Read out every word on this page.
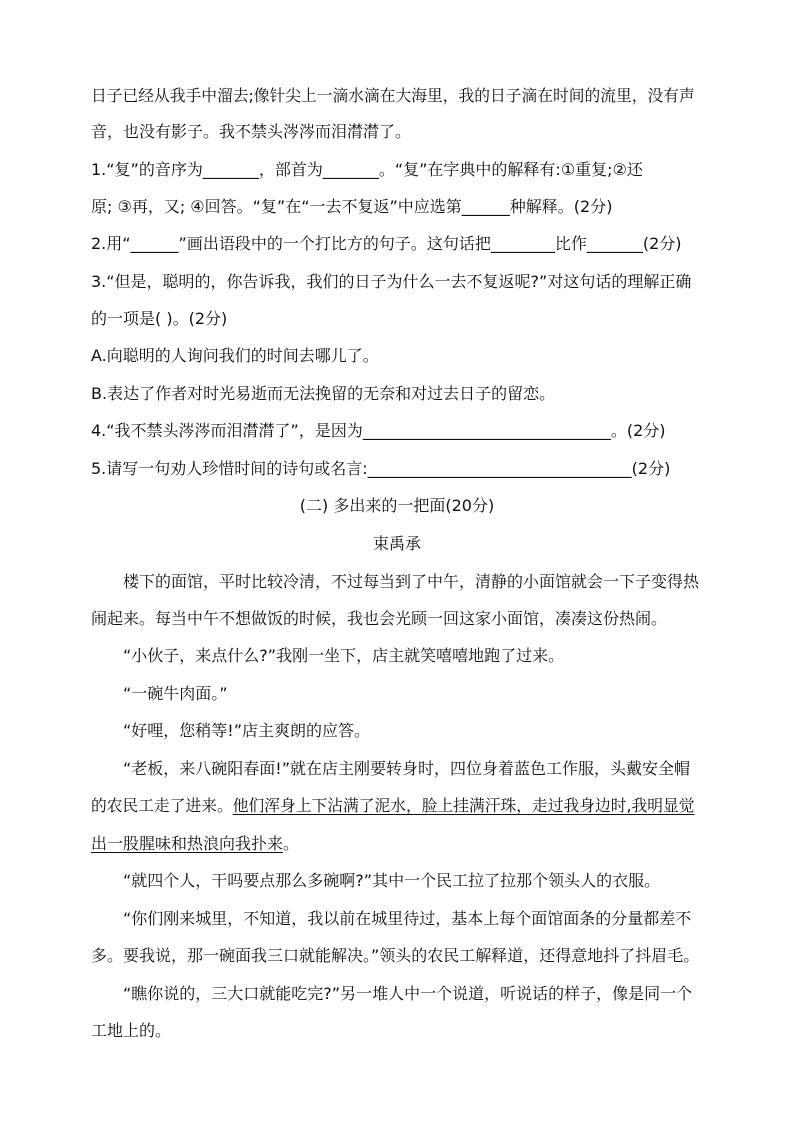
日子已经从我手中溜去;像针尖上一滴水滴在大海里，我的日子滴在时间的流里，没有声
音，也没有影子。我不禁头涔涔而泪潸潸了。
1.“复”的音序为_______，部首为_______。“复”在字典中的解释有:①重复;②还
原; ③再，又; ④回答。“复”在“一去不复返”中应选第______种解释。(2分)
2.用“______”画出语段中的一个打比方的句子。这句话把________比作_______(2分)
3.“但是，聪明的，你告诉我，我们的日子为什么一去不复返呢?”对这句话的理解正确
的一项是( )。(2分)
A.向聪明的人询问我们的时间去哪儿了。
B.表达了作者对时光易逝而无法挽留的无奈和对过去日子的留恋。
4.“我不禁头涔涔而泪潸潸了”，是因为_______________________________。(2分)
5.请写一句劝人珍惜时间的诗句或名言:_________________________________(2分)
(二) 多出来的一把面(20分)
束禹承
楼下的面馆，平时比较冷清，不过每当到了中午，清静的小面馆就会一下子变得热
闹起来。每当中午不想做饭的时候，我也会光顾一回这家小面馆，凑凑这份热闹。
“小伙子，来点什么?”我刚一坐下，店主就笑嘻嘻地跑了过来。
“一碗牛肉面。”
“好哩，您稍等!”店主爽朗的应答。
“老板，来八碗阳春面!”就在店主刚要转身时，四位身着蓝色工作服，头戴安全帽
的农民工走了进来。他们浑身上下沾满了泥水，脸上挂满汗珠，走过我身边时,我明显觉
出一股腥味和热浪向我扑来。
“就四个人，干吗要点那么多碗啊?”其中一个民工拉了拉那个领头人的衣服。
“你们刚来城里，不知道，我以前在城里待过，基本上每个面馆面条的分量都差不
多。要我说，那一碗面我三口就能解决。”领头的农民工解释道，还得意地抖了抖眉毛。
“瞧你说的，三大口就能吃完?”另一堆人中一个说道，听说话的样子，像是同一个
工地上的。
